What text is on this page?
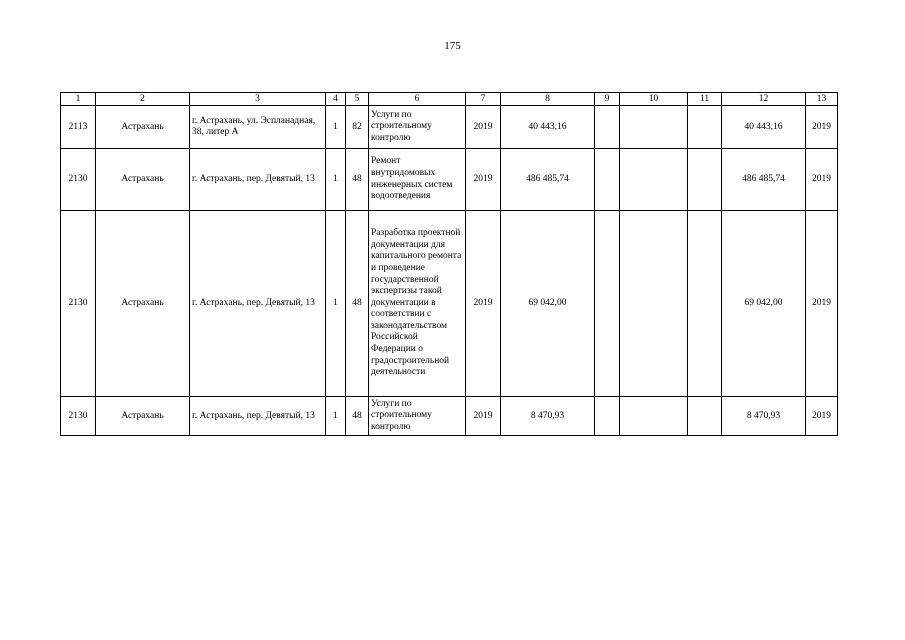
175
1	2	3	4	5	6	7	8	9	10	11	12	13
2113	Астрахань	г. Астрахань, ул. Эспланадная, 38, литер А	1	82	Услуги по строительному контролю	2019	40 443,16				40 443,16	2019
2130	Астрахань	г. Астрахань, пер. Девятый, 13	1	48	Ремонт внутридомовых инженерных систем водоотведения	2019	486 485,74				486 485,74	2019
2130	Астрахань	г. Астрахань, пер. Девятый, 13	1	48	Разработка проектной документации для капитального ремонта и проведение государственной экспертизы такой документации в соответствии с законодательством Российской Федерации о градостроительной деятельности	2019	69 042,00				69 042,00	2019
2130	Астрахань	г. Астрахань, пер. Девятый, 13	1	48	Услуги по строительному контролю	2019	8 470,93				8 470,93	2019
